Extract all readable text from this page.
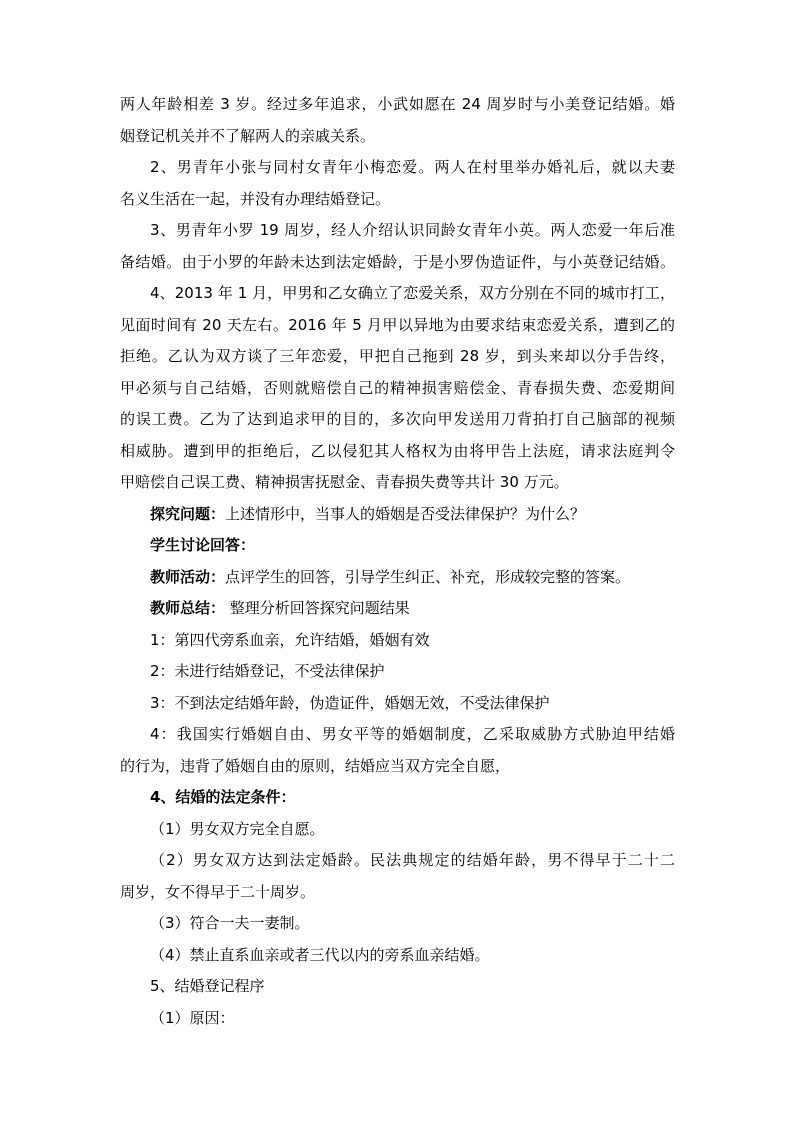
两人年龄相差 3 岁。经过多年追求，小武如愿在 24 周岁时与小美登记结婚。婚
姻登记机关并不了解两人的亲戚关系。
2、男青年小张与同村女青年小梅恋爱。两人在村里举办婚礼后，就以夫妻
名义生活在一起，并没有办理结婚登记。
3、男青年小罗 19 周岁，经人介绍认识同龄女青年小英。两人恋爱一年后准
备结婚。由于小罗的年龄未达到法定婚龄，于是小罗伪造证件，与小英登记结婚。
4、2013 年 1 月，甲男和乙女确立了恋爱关系，双方分别在不同的城市打工，
见面时间有 20 天左右。2016 年 5 月甲以异地为由要求结束恋爱关系，遭到乙的
拒绝。乙认为双方谈了三年恋爱，甲把自己拖到 28 岁，到头来却以分手告终，
甲必须与自己结婚，否则就赔偿自己的精神损害赔偿金、青春损失费、恋爱期间
的误工费。乙为了达到追求甲的目的，多次向甲发送用刀背拍打自己脑部的视频
相威胁。遭到甲的拒绝后，乙以侵犯其人格权为由将甲告上法庭，请求法庭判令
甲赔偿自己误工费、精神损害抚慰金、青春损失费等共计 30 万元。
探究问题：上述情形中，当事人的婚姻是否受法律保护？为什么？
学生讨论回答：
教师活动：点评学生的回答，引导学生纠正、补充，形成较完整的答案。
教师总结： 整理分析回答探究问题结果
1：第四代旁系血亲，允许结婚，婚姻有效
2：未进行结婚登记，不受法律保护
3：不到法定结婚年龄，伪造证件，婚姻无效，不受法律保护
4：我国实行婚姻自由、男女平等的婚姻制度，乙采取威胁方式胁迫甲结婚
的行为，违背了婚姻自由的原则，结婚应当双方完全自愿，
4、结婚的法定条件：
（1）男女双方完全自愿。
（2）男女双方达到法定婚龄。民法典规定的结婚年龄，男不得早于二十二
周岁，女不得早于二十周岁。
（3）符合一夫一妻制。
（4）禁止直系血亲或者三代以内的旁系血亲结婚。
5、结婚登记程序
（1）原因：
